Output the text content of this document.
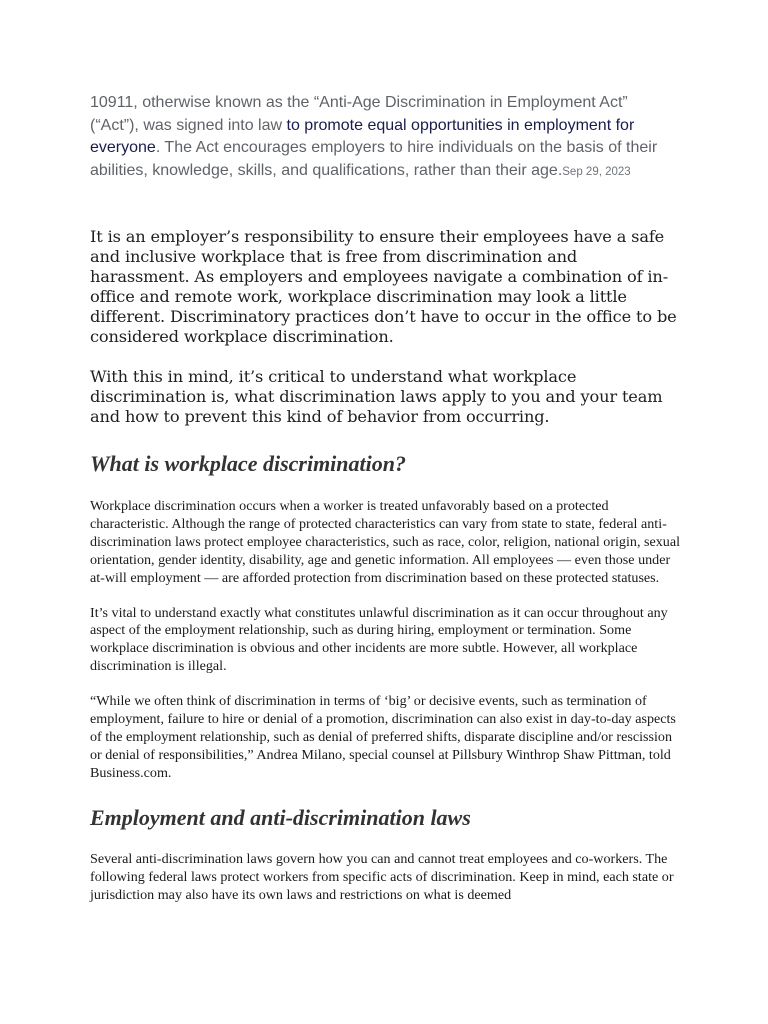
10911, otherwise known as the “Anti-Age Discrimination in Employment Act” (“Act”), was signed into law to promote equal opportunities in employment for everyone. The Act encourages employers to hire individuals on the basis of their abilities, knowledge, skills, and qualifications, rather than their age.Sep 29, 2023

It is an employer’s responsibility to ensure their employees have a safe and inclusive workplace that is free from discrimination and harassment. As employers and employees navigate a combination of in-office and remote work, workplace discrimination may look a little different. Discriminatory practices don’t have to occur in the office to be considered workplace discrimination.

With this in mind, it’s critical to understand what workplace discrimination is, what discrimination laws apply to you and your team and how to prevent this kind of behavior from occurring.

What is workplace discrimination?

Workplace discrimination occurs when a worker is treated unfavorably based on a protected characteristic. Although the range of protected characteristics can vary from state to state, federal anti-discrimination laws protect employee characteristics, such as race, color, religion, national origin, sexual orientation, gender identity, disability, age and genetic information. All employees — even those under at-will employment — are afforded protection from discrimination based on these protected statuses.

It’s vital to understand exactly what constitutes unlawful discrimination as it can occur throughout any aspect of the employment relationship, such as during hiring, employment or termination. Some workplace discrimination is obvious and other incidents are more subtle. However, all workplace discrimination is illegal.

“While we often think of discrimination in terms of ‘big’ or decisive events, such as termination of employment, failure to hire or denial of a promotion, discrimination can also exist in day-to-day aspects of the employment relationship, such as denial of preferred shifts, disparate discipline and/or rescission or denial of responsibilities,” Andrea Milano, special counsel at Pillsbury Winthrop Shaw Pittman, told Business.com.

Employment and anti-discrimination laws

Several anti-discrimination laws govern how you can and cannot treat employees and co-workers. The following federal laws protect workers from specific acts of discrimination. Keep in mind, each state or jurisdiction may also have its own laws and restrictions on what is deemed
